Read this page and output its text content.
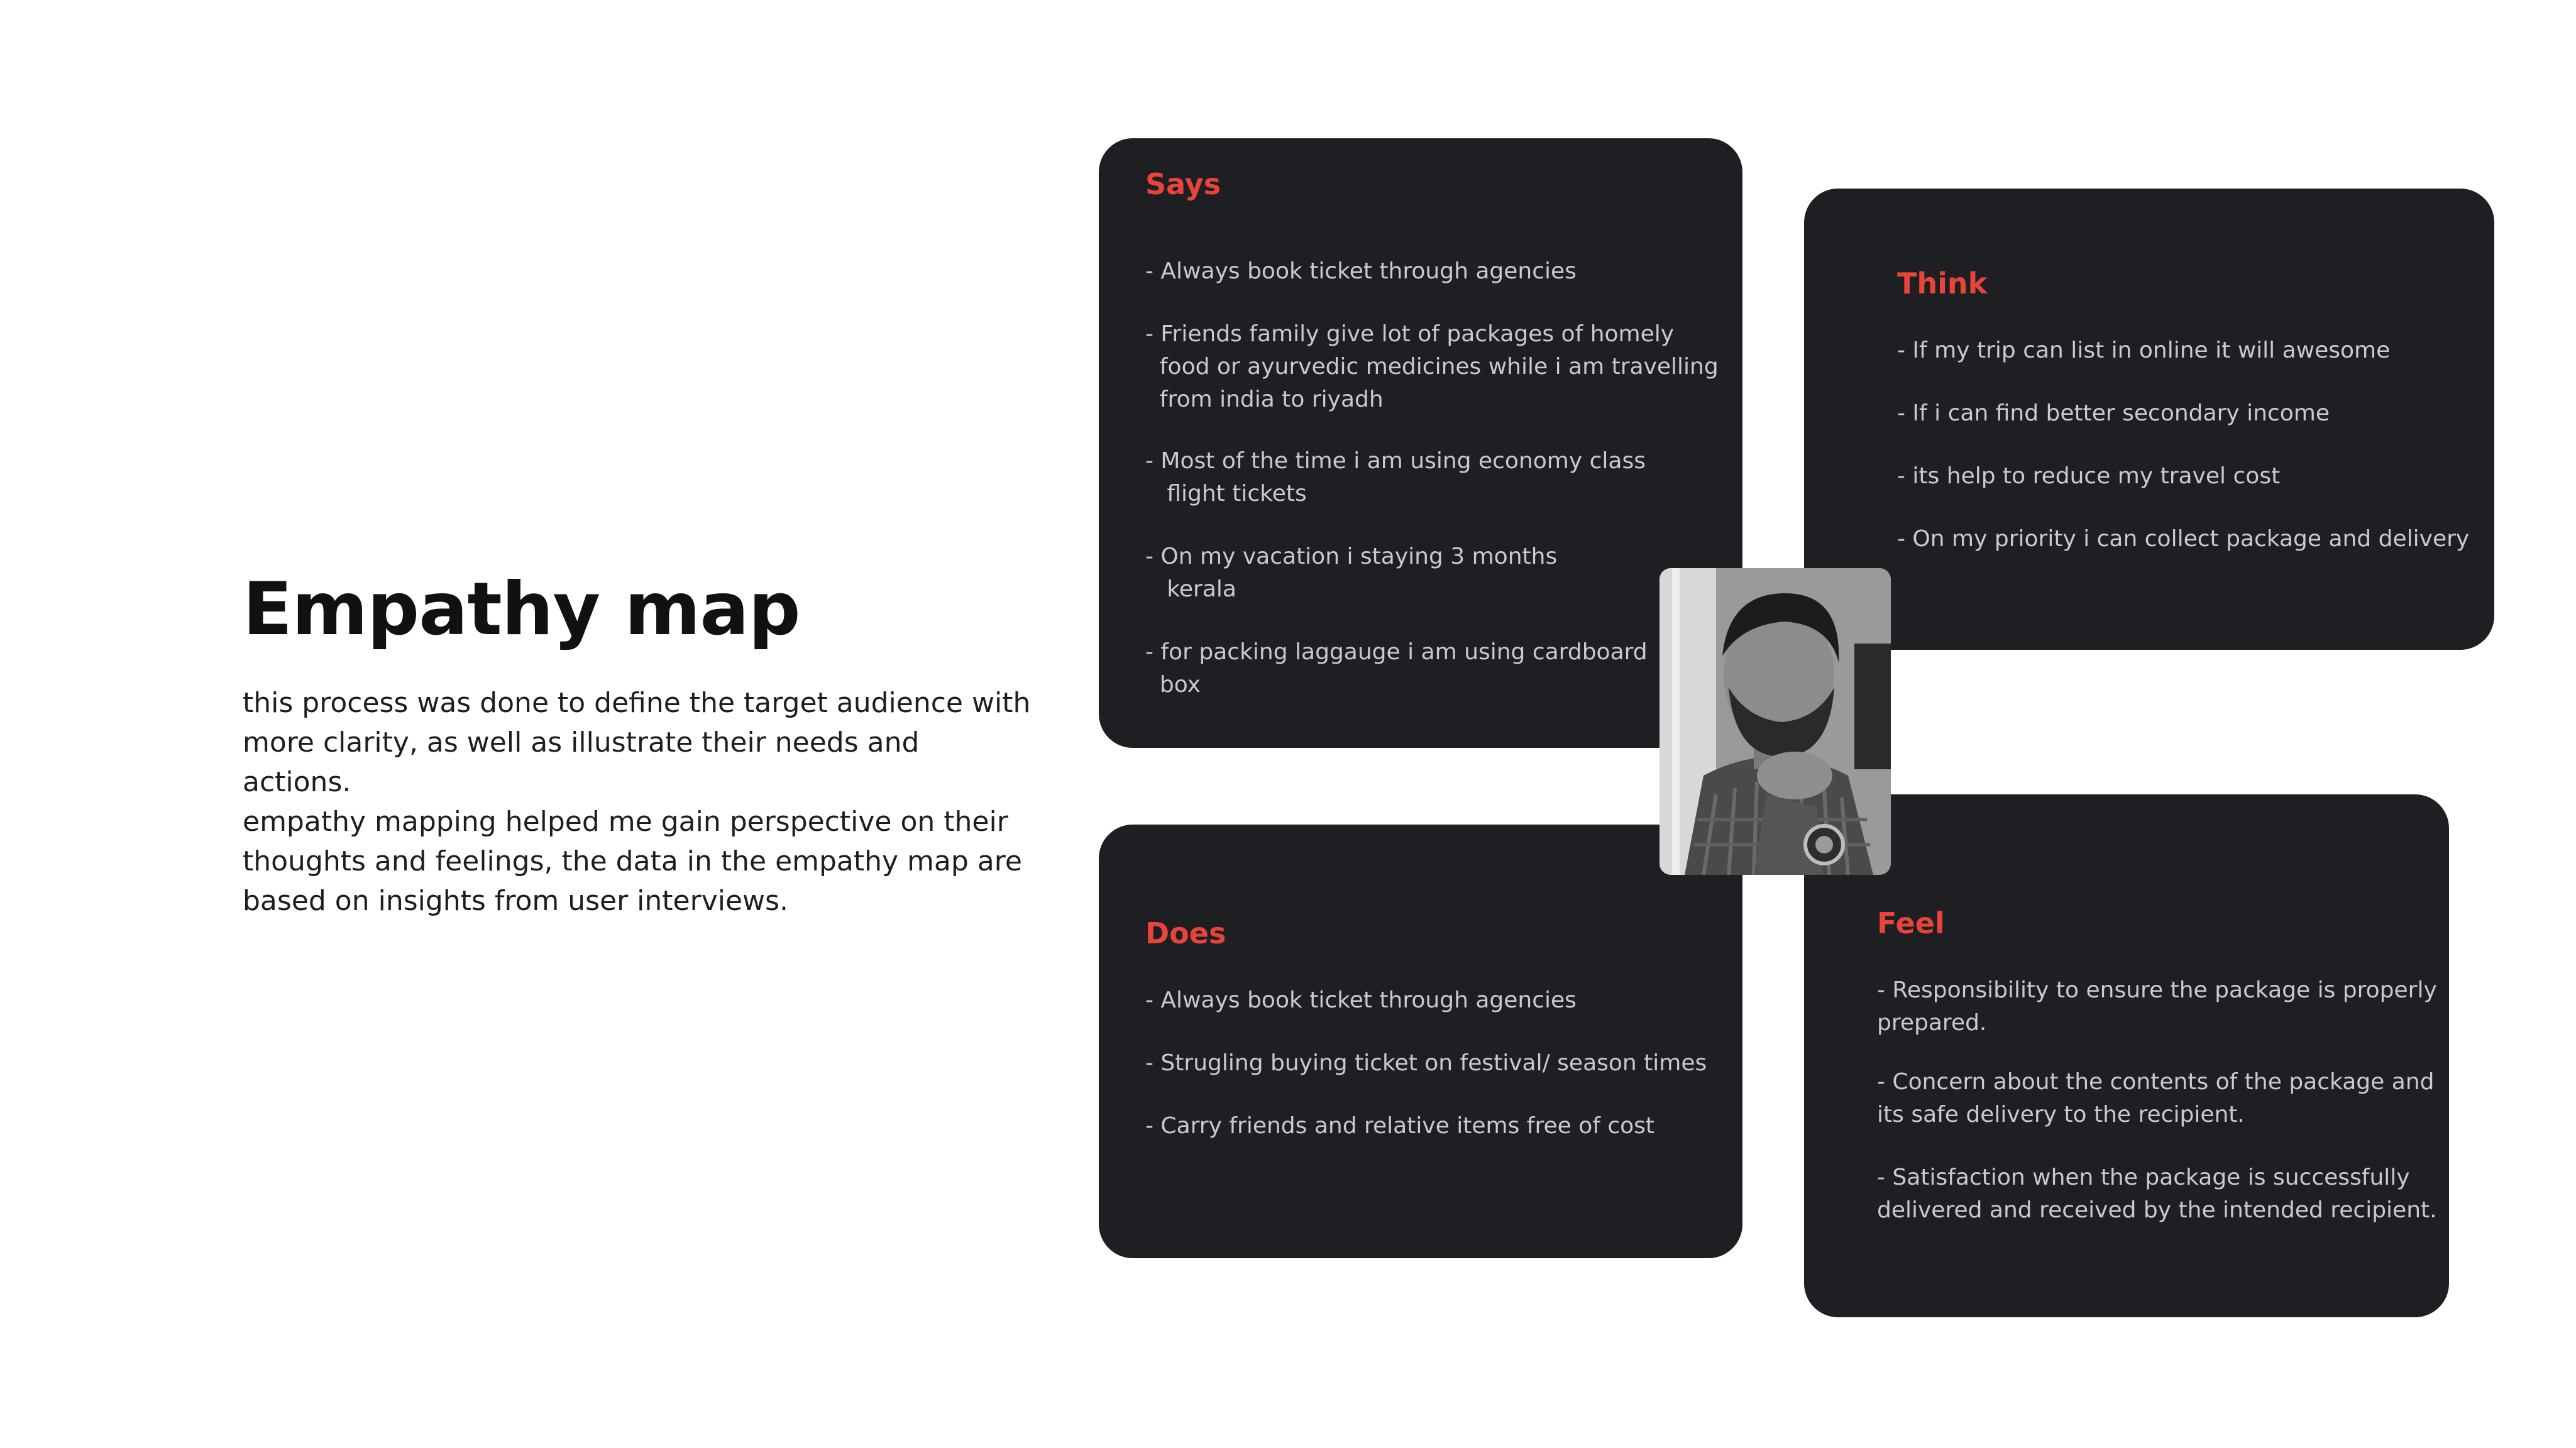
Empathy map

this process was done to define the target audience with
more clarity, as well as illustrate their needs and actions.
empathy mapping helped me gain perspective on their
thoughts and feelings, the data in the empathy map are
based on insights from user interviews.

Says

- Always book ticket through agencies

- Friends family give lot of packages of homely
food or ayurvedic medicines while i am travelling
from india to riyadh

- Most of the time i am using economy class
flight tickets

- On my vacation i staying 3 months
kerala

- for packing laggauge i am using cardboard
box

Think

- If my trip can list in online it will awesome

- If i can find better secondary income

- its help to reduce my travel cost

- On my priority i can collect package and delivery

Does

- Always book ticket through agencies

- Strugling buying ticket on festival/ season times

- Carry friends and relative items free of cost

Feel

- Responsibility to ensure the package is properly
prepared.

- Concern about the contents of the package and
its safe delivery to the recipient.

- Satisfaction when the package is successfully
delivered and received by the intended recipient.
